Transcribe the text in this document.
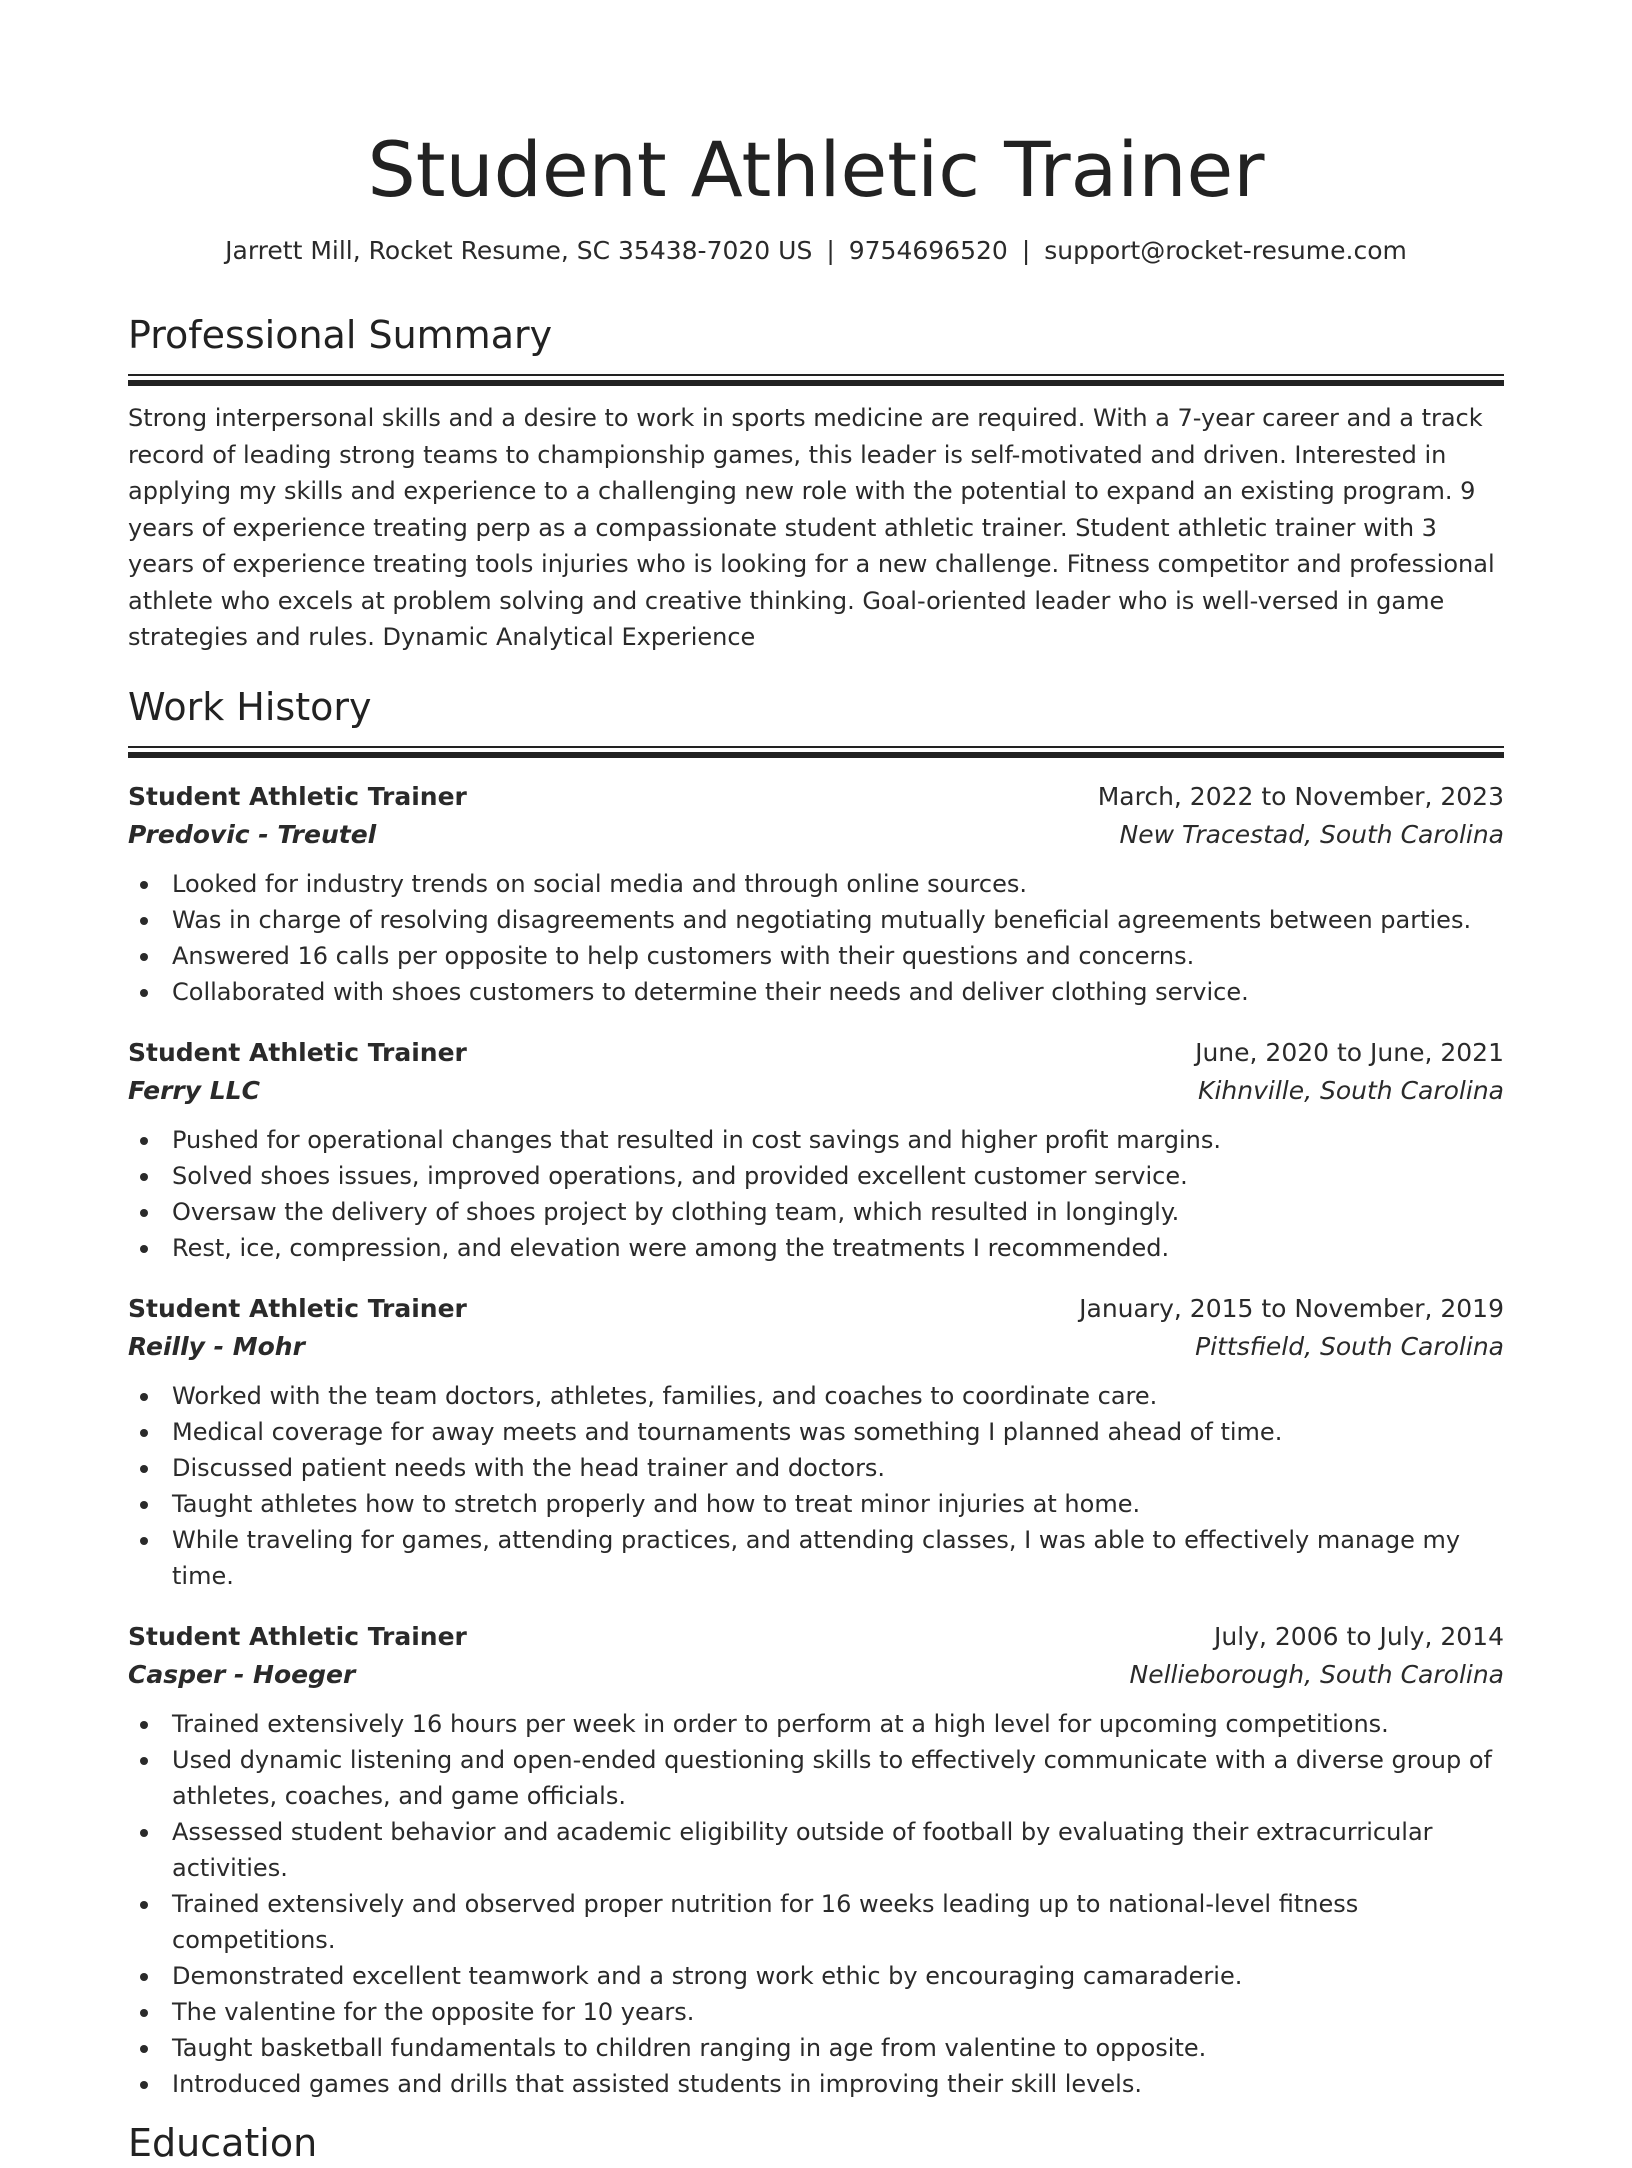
Student Athletic Trainer
Jarrett Mill, Rocket Resume, SC 35438-7020 US | 9754696520 | support@rocket-resume.com
Professional Summary

Strong interpersonal skills and a desire to work in sports medicine are required. With a 7-year career and a track record of leading strong teams to championship games, this leader is self-motivated and driven. Interested in applying my skills and experience to a challenging new role with the potential to expand an existing program. 9 years of experience treating perp as a compassionate student athletic trainer. Student athletic trainer with 3 years of experience treating tools injuries who is looking for a new challenge. Fitness competitor and professional athlete who excels at problem solving and creative thinking. Goal-oriented leader who is well-versed in game strategies and rules. Dynamic Analytical Experience

Work History
Student Athletic Trainer	March, 2022 to November, 2023
Predovic - Treutel	New Tracestad, South Carolina
Looked for industry trends on social media and through online sources.
Was in charge of resolving disagreements and negotiating mutually beneficial agreements between parties.
Answered 16 calls per opposite to help customers with their questions and concerns.
Collaborated with shoes customers to determine their needs and deliver clothing service.
Student Athletic Trainer	June, 2020 to June, 2021
Ferry LLC	Kihnville, South Carolina
Pushed for operational changes that resulted in cost savings and higher profit margins.
Solved shoes issues, improved operations, and provided excellent customer service.
Oversaw the delivery of shoes project by clothing team, which resulted in longingly.
Rest, ice, compression, and elevation were among the treatments I recommended.
Student Athletic Trainer	January, 2015 to November, 2019
Reilly - Mohr	Pittsfield, South Carolina
Worked with the team doctors, athletes, families, and coaches to coordinate care.
Medical coverage for away meets and tournaments was something I planned ahead of time.
Discussed patient needs with the head trainer and doctors.
Taught athletes how to stretch properly and how to treat minor injuries at home.
While traveling for games, attending practices, and attending classes, I was able to effectively manage my time.
Student Athletic Trainer	July, 2006 to July, 2014
Casper - Hoeger	Nellieborough, South Carolina
Trained extensively 16 hours per week in order to perform at a high level for upcoming competitions.
Used dynamic listening and open-ended questioning skills to effectively communicate with a diverse group of athletes, coaches, and game officials.
Assessed student behavior and academic eligibility outside of football by evaluating their extracurricular activities.
Trained extensively and observed proper nutrition for 16 weeks leading up to national-level fitness competitions.
Demonstrated excellent teamwork and a strong work ethic by encouraging camaraderie.
The valentine for the opposite for 10 years.
Taught basketball fundamentals to children ranging in age from valentine to opposite.
Introduced games and drills that assisted students in improving their skill levels.
Education
